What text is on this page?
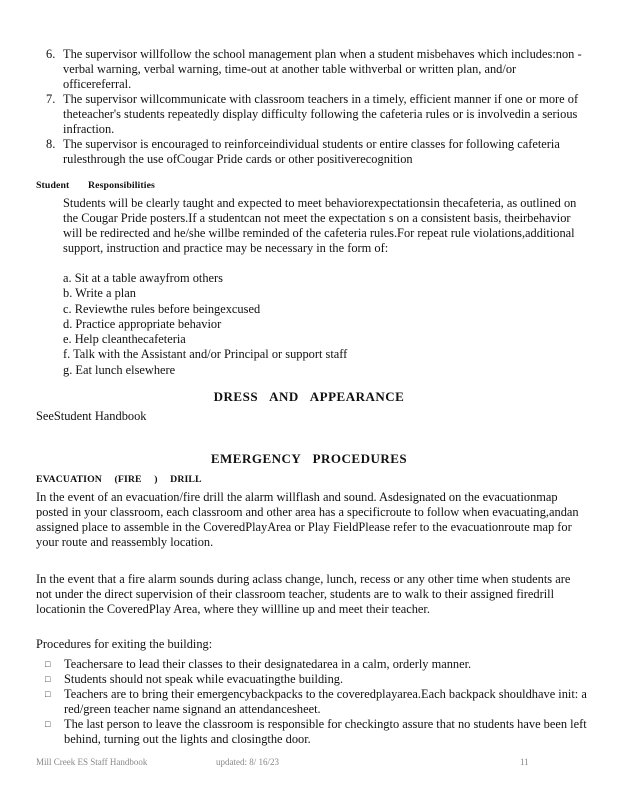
6. The supervisor willfollow the school management plan when a student misbehaves which includes:non -verbal warning, verbal warning, time-out at another table withverbal or written plan, and/or officereferral.
7. The supervisor willcommunicate with classroom teachers in a timely, efficient manner if one or more of theteacher's students repeatedly display difficulty following the cafeteria rules or is involvedin a serious infraction.
8. The supervisor is encouraged to reinforceindividual students or entire classes for following cafeteria rulesthrough the use ofCougar Pride cards or other positiverecognition
Student Responsibilities

Students will be clearly taught and expected to meet behaviorexpectationsin thecafeteria, as outlined on the Cougar Pride posters.If a studentcan not meet the expectation s on a consistent basis, theirbehavior will be redirected and he/she willbe reminded of the cafeteria rules.For repeat rule violations,additional support, instruction and practice may be necessary in the form of:

a. Sit at a table awayfrom others
b. Write a plan
c. Reviewthe rules before beingexcused
d. Practice appropriate behavior
e. Help cleanthecafeteria
f. Talk with the Assistant and/or Principal or support staff
g. Eat lunch elsewhere
DRESS AND APPEARANCE

SeeStudent Handbook

EMERGENCY PROCEDURES
EVACUATION (FIRE ) DRILL

In the event of an evacuation/fire drill the alarm willflash and sound. Asdesignated on the evacuationmap posted in your classroom, each classroom and other area has a specificroute to follow when evacuating,andan assigned place to assemble in the CoveredPlayArea or Play FieldPlease refer to the evacuationroute map for your route and reassembly location.

In the event that a fire alarm sounds during aclass change, lunch, recess or any other time when students are not under the direct supervision of their classroom teacher, students are to walk to their assigned firedrill locationin the CoveredPlay Area, where they willline up and meet their teacher.

Procedures for exiting the building:

□	Teachersare to lead their classes to their designatedarea in a calm, orderly manner.
□	Students should not speak while evacuatingthe building.
□	Teachers are to bring their emergencybackpacks to the coveredplayarea.Each backpack shouldhave init: a red/green teacher name signand an attendancesheet.
□	The last person to leave the classroom is responsible for checkingto assure that no students have been left behind, turning out the lights and closingthe door.
Mill Creek ES Staff Handbook	updated: 8/ 16/23	11
